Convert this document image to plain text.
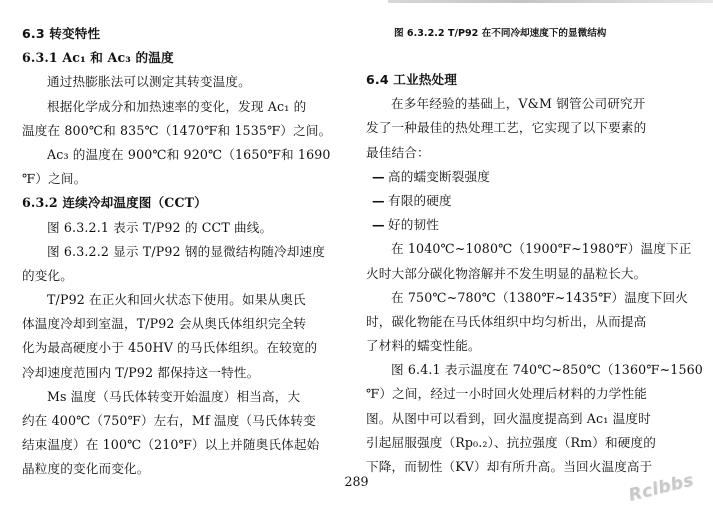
6.3 转变特性
6.3.1 Ac₁ 和 Ac₃ 的温度
通过热膨胀法可以测定其转变温度。
根据化学成分和加热速率的变化，发现 Ac₁ 的
温度在 800℃和 835℃（1470℉和 1535℉）之间。
Ac₃ 的温度在 900℃和 920℃（1650℉和 1690
℉）之间。
6.3.2 连续冷却温度图（CCT）
图 6.3.2.1 表示 T/P92 的 CCT 曲线。
图 6.3.2.2 显示 T/P92 钢的显微结构随冷却速度
的变化。
T/P92 在正火和回火状态下使用。如果从奥氏
体温度冷却到室温，T/P92 会从奥氏体组织完全转
化为最高硬度小于 450HV 的马氏体组织。在较宽的
冷却速度范围内 T/P92 都保持这一特性。
Ms 温度（马氏体转变开始温度）相当高，大
约在 400℃（750℉）左右，Mf 温度（马氏体转变
结束温度）在 100℃（210℉）以上并随奥氏体起始
晶粒度的变化而变化。
图 6.3.2.2 T/P92 在不同冷却速度下的显微结构
6.4 工业热处理
在多年经验的基础上，V&M 钢管公司研究开
发了一种最佳的热处理工艺，它实现了以下要素的
最佳结合：
— 高的蠕变断裂强度
— 有限的硬度
— 好的韧性
在 1040℃~1080℃（1900℉~1980℉）温度下正
火时大部分碳化物溶解并不发生明显的晶粒长大。
在 750℃~780℃（1380℉~1435℉）温度下回火
时，碳化物能在马氏体组织中均匀析出，从而提高
了材料的蠕变性能。
图 6.4.1 表示温度在 740℃~850℃（1360℉~1560
℉）之间，经过一小时回火处理后材料的力学性能
图。从图中可以看到，回火温度提高到 Ac₁ 温度时
引起屈服强度（Rp₀.₂）、抗拉强度（Rm）和硬度的
下降，而韧性（KV）却有所升高。当回火温度高于
289	Rclbbs
